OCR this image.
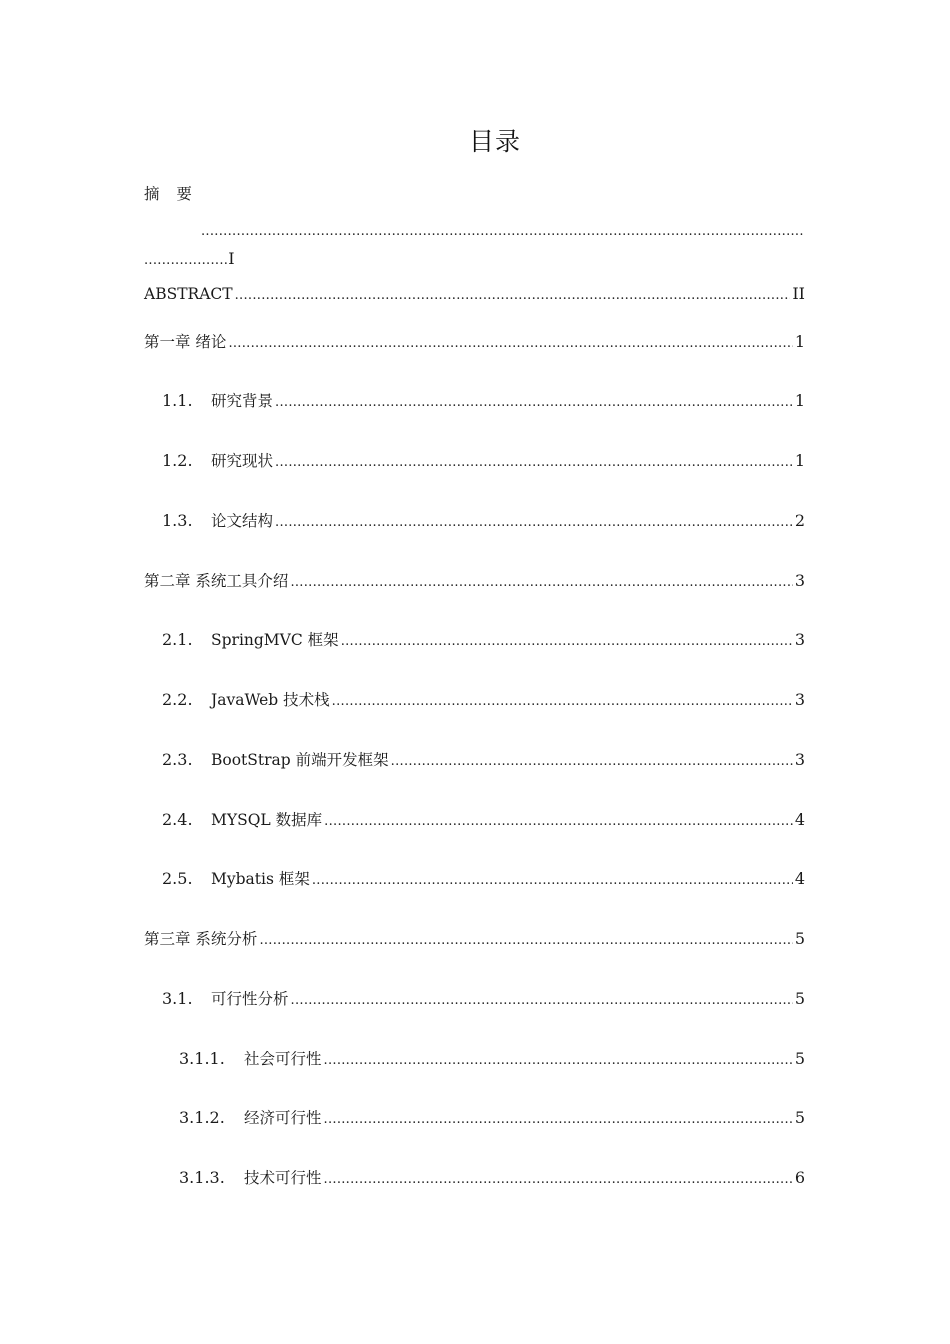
目录
摘 要
.....
................... I
ABSTRACT .....	II
第一章 绪论 .....	1
1.1.	研究背景 .....	1
1.2.	研究现状 .....	1
1.3.	论文结构 .....	2
第二章 系统工具介绍 .....	3
2.1.	SpringMVC 框架 .....	3
2.2.	JavaWeb 技术栈 .....	3
2.3.	BootStrap 前端开发框架 .....	3
2.4.	MYSQL 数据库 .....	4
2.5.	Mybatis 框架 .....	4
第三章 系统分析 .....	5
3.1.	可行性分析 .....	5
3.1.1.	社会可行性 .....	5
3.1.2.	经济可行性 .....	5
3.1.3.	技术可行性 .....	6
